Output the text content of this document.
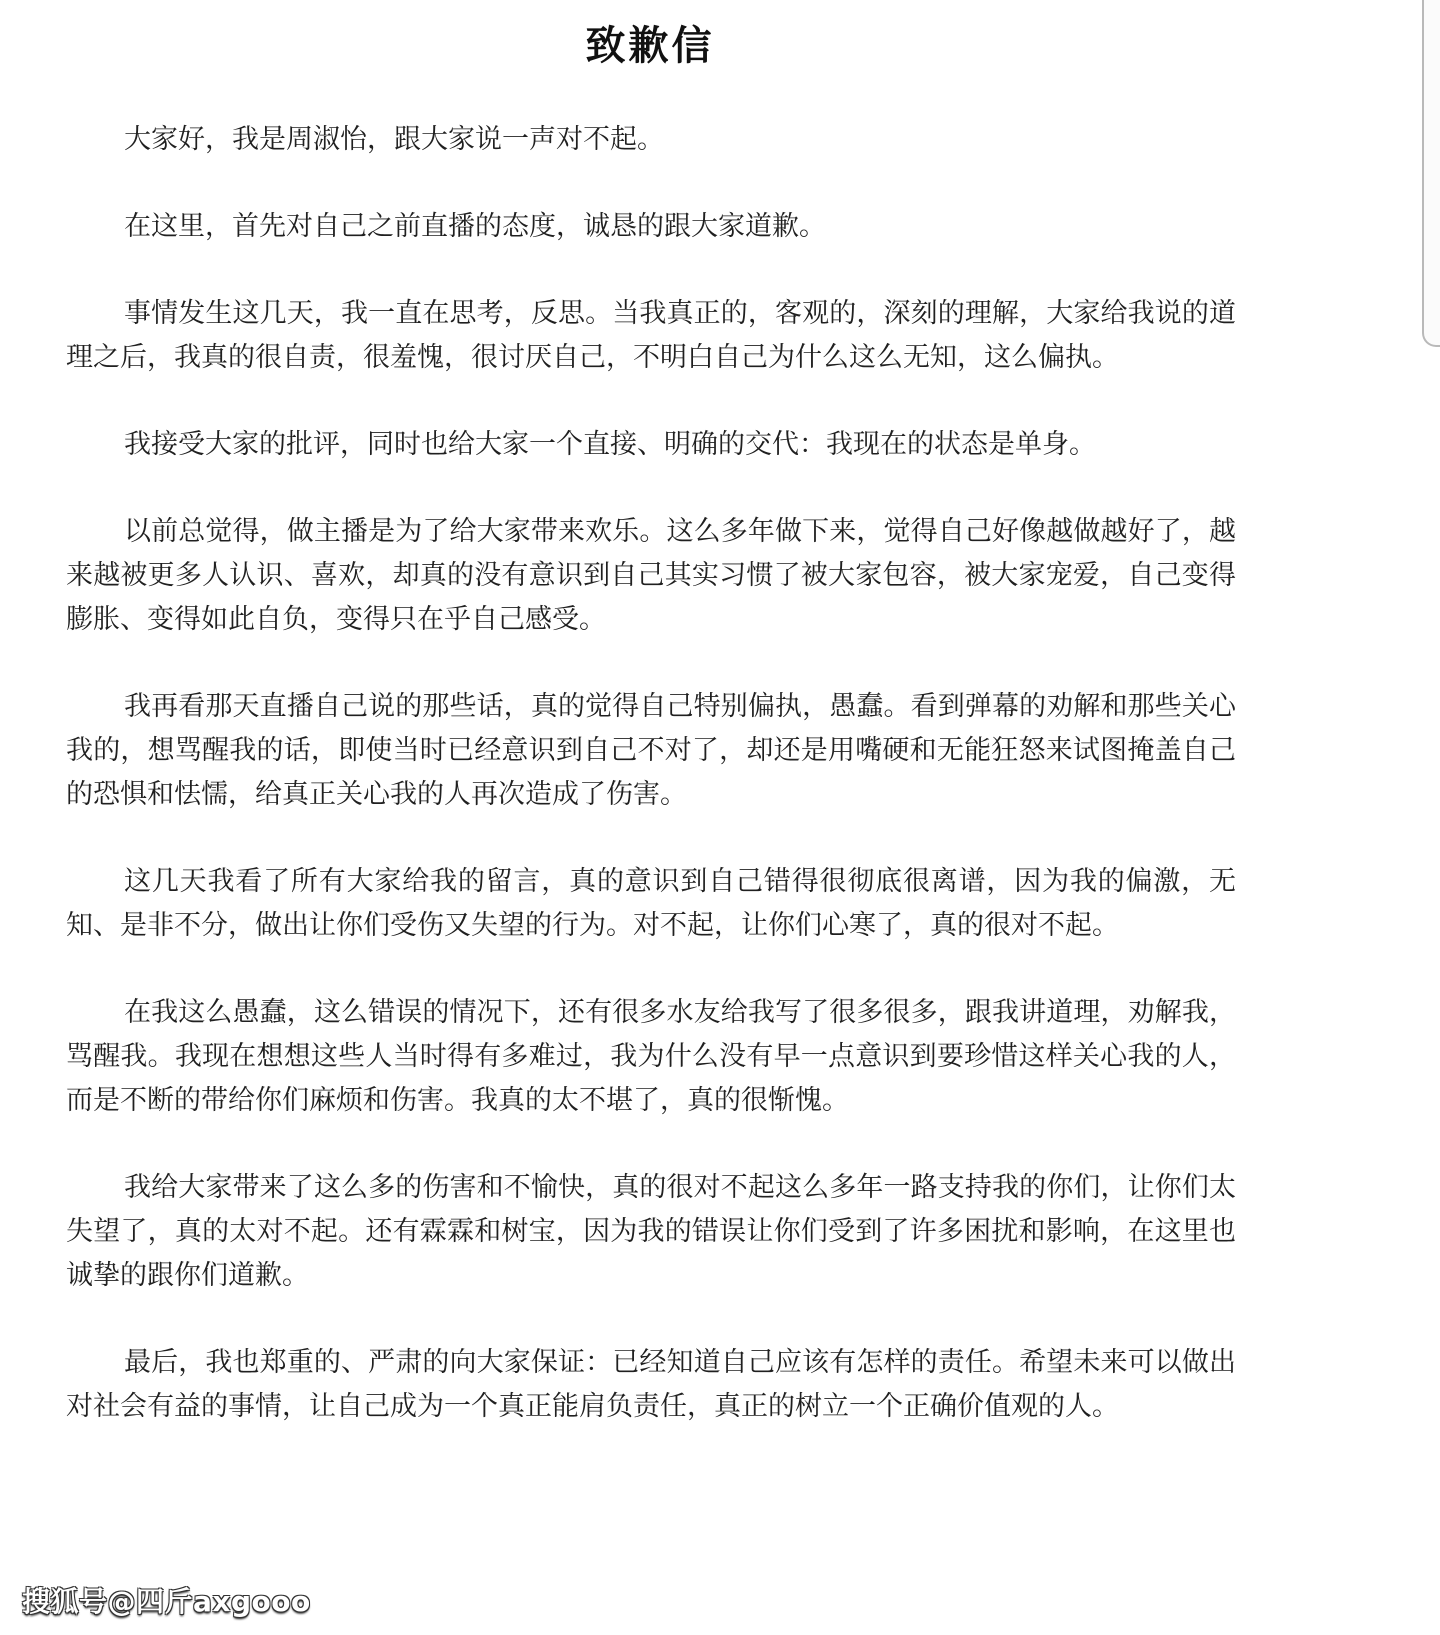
致歉信

大家好，我是周淑怡，跟大家说一声对不起。

在这里，首先对自己之前直播的态度，诚恳的跟大家道歉。

事情发生这几天，我一直在思考，反思。当我真正的，客观的，深刻的理解，大家给我说的道理之后，我真的很自责，很羞愧，很讨厌自己，不明白自己为什么这么无知，这么偏执。

我接受大家的批评，同时也给大家一个直接、明确的交代：我现在的状态是单身。

以前总觉得，做主播是为了给大家带来欢乐。这么多年做下来，觉得自己好像越做越好了，越来越被更多人认识、喜欢，却真的没有意识到自己其实习惯了被大家包容，被大家宠爱，自己变得膨胀、变得如此自负，变得只在乎自己感受。

我再看那天直播自己说的那些话，真的觉得自己特别偏执，愚蠢。看到弹幕的劝解和那些关心我的，想骂醒我的话，即使当时已经意识到自己不对了，却还是用嘴硬和无能狂怒来试图掩盖自己的恐惧和怯懦，给真正关心我的人再次造成了伤害。

这几天我看了所有大家给我的留言，真的意识到自己错得很彻底很离谱，因为我的偏激，无知、是非不分，做出让你们受伤又失望的行为。对不起，让你们心寒了，真的很对不起。

在我这么愚蠢，这么错误的情况下，还有很多水友给我写了很多很多，跟我讲道理，劝解我，骂醒我。我现在想想这些人当时得有多难过，我为什么没有早一点意识到要珍惜这样关心我的人，而是不断的带给你们麻烦和伤害。我真的太不堪了，真的很惭愧。

我给大家带来了这么多的伤害和不愉快，真的很对不起这么多年一路支持我的你们，让你们太失望了，真的太对不起。还有霖霖和树宝，因为我的错误让你们受到了许多困扰和影响，在这里也诚挚的跟你们道歉。

最后，我也郑重的、严肃的向大家保证：已经知道自己应该有怎样的责任。希望未来可以做出对社会有益的事情，让自己成为一个真正能肩负责任，真正的树立一个正确价值观的人。

搜狐号@四斤axgooo
